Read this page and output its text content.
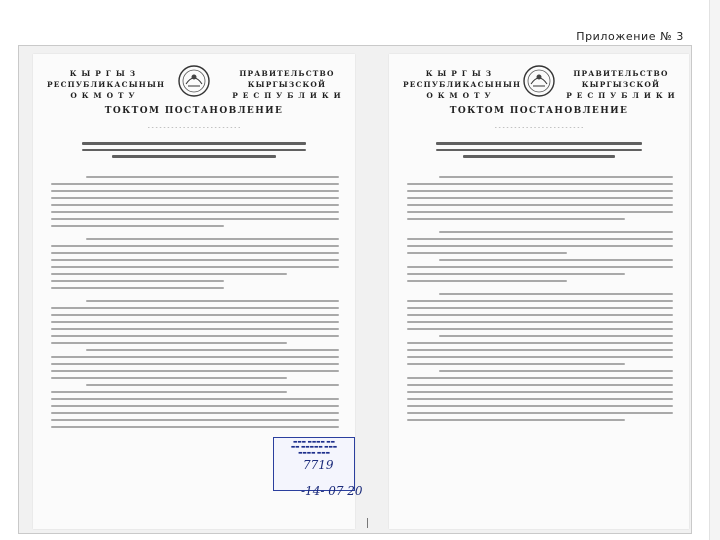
Приложение № 3
К Ы Р Г Ы З
РЕСПУБЛИКАСЫНЫН
О К М О Т У
ПРАВИТЕЛЬСТВО
КЫРГЫЗСКОЙ
Р Е С П У Б Л И К И
ТОКТОМ ПОСТАНОВЛЕНИЕ
- - - - - - - - - - - - - - - - - - - - - - - -
К Ы Р Г Ы З
РЕСПУБЛИКАСЫНЫН
О К М О Т У
ПРАВИТЕЛЬСТВО
КЫРГЫЗСКОЙ
Р Е С П У Б Л И К И
ТОКТОМ ПОСТАНОВЛЕНИЕ
- - - - - - - - - - - - - - - - - - - - - - -
▬▬▬ ▬▬▬▬ ▬▬
▬▬ ▬▬▬▬▬ ▬▬▬
▬▬▬▬ ▬▬▬
7719
-14- 07 20
